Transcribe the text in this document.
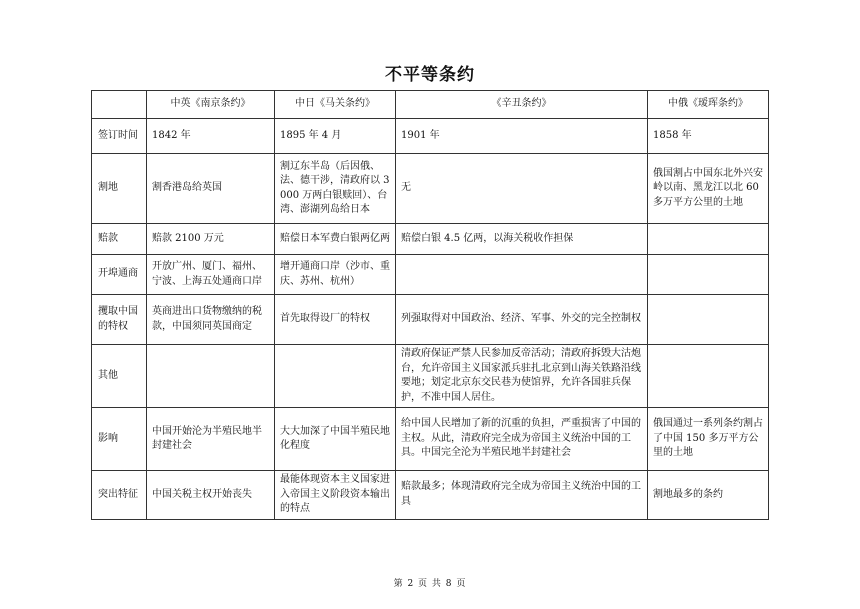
不平等条约
	中英《南京条约》	中日《马关条约》	《辛丑条约》	中俄《瑷珲条约》
签订时间	1842 年	1895 年 4 月	1901 年	1858 年
割地	割香港岛给英国	割辽东半岛（后因俄、法、德干涉，清政府以 3000 万两白银赎回）、台湾、澎湖列岛给日本	无	俄国割占中国东北外兴安岭以南、黑龙江以北 60 多万平方公里的土地
赔款	赔款 2100 万元	赔偿日本军费白银两亿两	赔偿白银 4.5 亿两，以海关税收作担保	
开埠通商	开放广州、厦门、福州、宁波、上海五处通商口岸	增开通商口岸（沙市、重庆、苏州、杭州）		
攫取中国的特权	英商进出口货物缴纳的税款，中国须同英国商定	首先取得设厂的特权	列强取得对中国政治、经济、军事、外交的完全控制权	
其他			清政府保证严禁人民参加反帝活动；清政府拆毁大沽炮台，允许帝国主义国家派兵驻扎北京到山海关铁路沿线要地；划定北京东交民巷为使馆界，允许各国驻兵保护，不准中国人居住。	
影响	中国开始沦为半殖民地半封建社会	大大加深了中国半殖民地化程度	给中国人民增加了新的沉重的负担，严重损害了中国的主权。从此，清政府完全成为帝国主义统治中国的工具。中国完全沦为半殖民地半封建社会	俄国通过一系列条约割占了中国 150 多万平方公里的土地
突出特征	中国关税主权开始丧失	最能体现资本主义国家进入帝国主义阶段资本输出的特点	赔款最多；体现清政府完全成为帝国主义统治中国的工具	割地最多的条约
第 2 页 共 8 页
